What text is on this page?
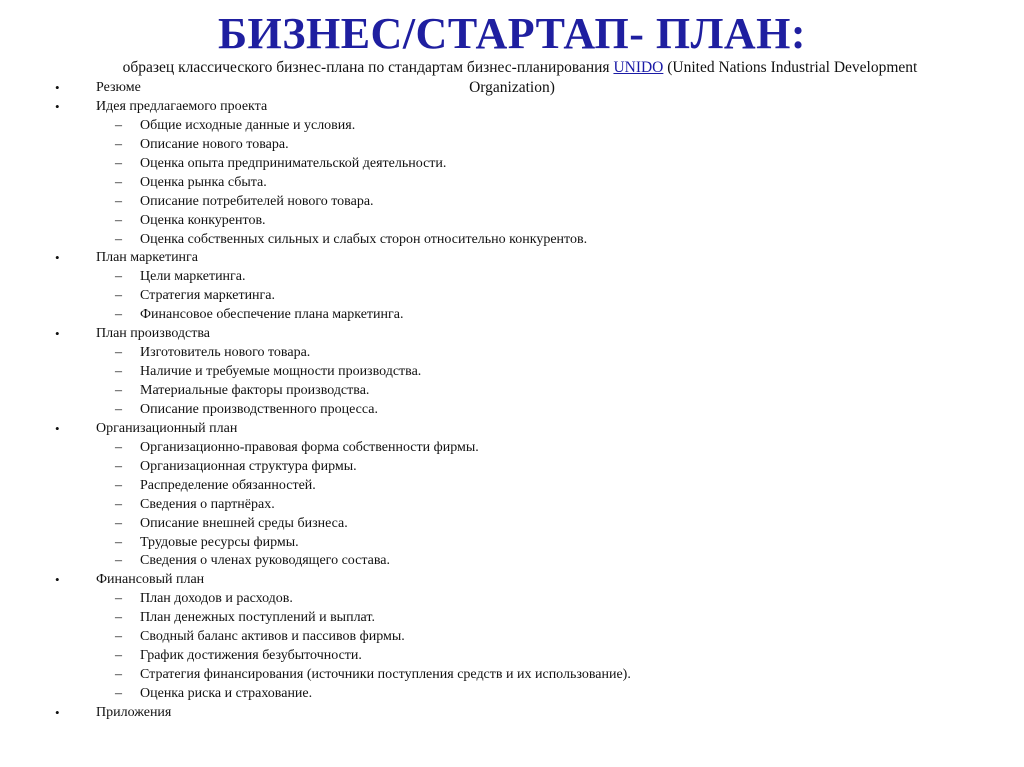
БИЗНЕС/СТАРТАП- ПЛАН:
образец классического бизнес-плана по стандартам бизнес-планирования UNIDO (United Nations Industrial Development
•	Резюме	Organization)
•	Идея предлагаемого проекта
– Общие исходные данные и условия.
– Описание нового товара.
– Оценка опыта предпринимательской деятельности.
– Оценка рынка сбыта.
– Описание потребителей нового товара.
– Оценка конкурентов.
– Оценка собственных сильных и слабых сторон относительно конкурентов.
•	План маркетинга
– Цели маркетинга.
– Стратегия маркетинга.
– Финансовое обеспечение плана маркетинга.
•	План производства
– Изготовитель нового товара.
– Наличие и требуемые мощности производства.
– Материальные факторы производства.
– Описание производственного процесса.
•	Организационный план
– Организационно-правовая форма собственности фирмы.
– Организационная структура фирмы.
– Распределение обязанностей.
– Сведения о партнёрах.
– Описание внешней среды бизнеса.
– Трудовые ресурсы фирмы.
– Сведения о членах руководящего состава.
•	Финансовый план
– План доходов и расходов.
– План денежных поступлений и выплат.
– Сводный баланс активов и пассивов фирмы.
– График достижения безубыточности.
– Стратегия финансирования (источники поступления средств и их использование).
– Оценка риска и страхование.
•	Приложения
